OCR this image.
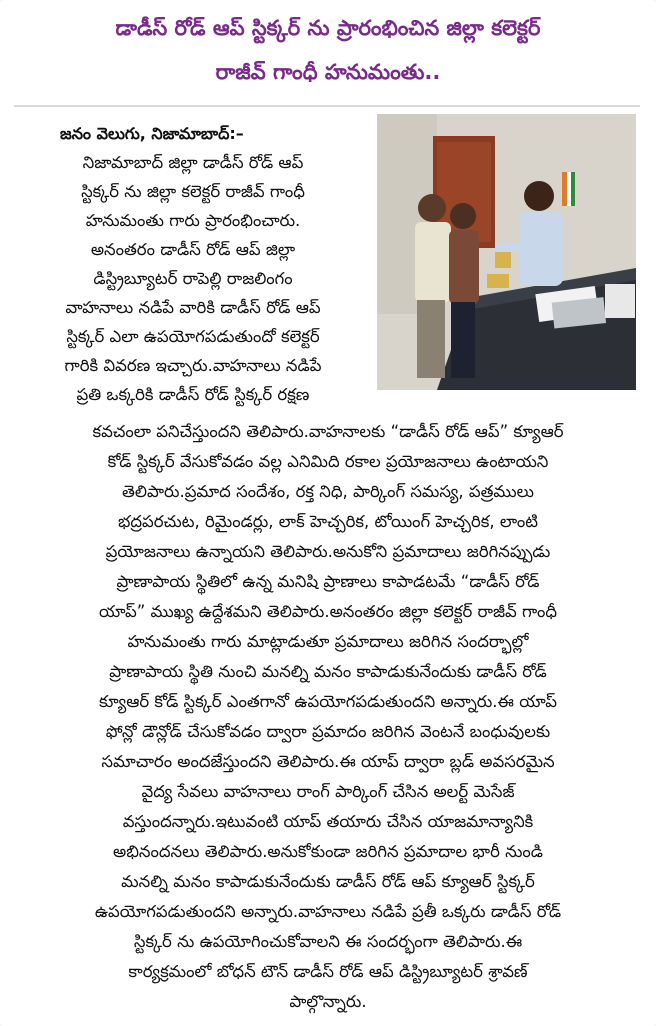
డాడీస్ రోడ్ ఆప్ స్టిక్కర్ ను ప్రారంభించిన జిల్లా కలెక్టర్
రాజీవ్ గాంధీ హనుమంతు..
జనం వెలుగు, నిజామాబాద్:–
నిజామాబాద్ జిల్లా డాడీస్ రోడ్ ఆప్
స్టిక్కర్ ను జిల్లా కలెక్టర్ రాజీవ్ గాంధీ
హనుమంతు గారు ప్రారంభించారు.
అనంతరం డాడీస్ రోడ్ ఆప్ జిల్లా
డిస్ట్రిబ్యూటర్ రాపెల్లి రాజలింగం
వాహనాలు నడిపే వారికి డాడీస్ రోడ్ ఆప్
స్టిక్కర్ ఎలా ఉపయోగపడుతుందో కలెక్టర్
గారికి వివరణ ఇచ్చారు.వాహనాలు నడిపే
ప్రతి ఒక్కరికి డాడీస్ రోడ్ స్టిక్కర్ రక్షణ
కవచంలా పనిచేస్తుందని తెలిపారు.వాహనాలకు “డాడీస్ రోడ్ ఆప్” క్యూఆర్
కోడ్ స్టిక్కర్ వేసుకోవడం వల్ల ఎనిమిది రకాల ప్రయోజనాలు ఉంటాయని
తెలిపారు.ప్రమాద సందేశం, రక్త నిధి, పార్కింగ్ సమస్య, పత్రములు
భద్రపరచుట, రిమైండర్లు, లాక్ హెచ్చరిక, టోయింగ్ హెచ్చరిక, లాంటి
ప్రయోజనాలు ఉన్నాయని తెలిపారు.అనుకోని ప్రమాదాలు జరిగినప్పుడు
ప్రాణాపాయ స్థితిలో ఉన్న మనిషి ప్రాణాలు కాపాడటమే “డాడీస్ రోడ్
యాప్” ముఖ్య ఉద్దేశమని తెలిపారు.అనంతరం జిల్లా కలెక్టర్ రాజీవ్ గాంధీ
హనుమంతు గారు మాట్లాడుతూ ప్రమాదాలు జరిగిన సందర్భాల్లో
ప్రాణాపాయ స్థితి నుంచి మనల్ని మనం కాపాడుకునేందుకు డాడీస్ రోడ్
క్యూఆర్ కోడ్ స్టిక్కర్ ఎంతగానో ఉపయోగపడుతుందని అన్నారు.ఈ యాప్
ఫోన్లో డౌన్లోడ్ చేసుకోవడం ద్వారా ప్రమాదం జరిగిన వెంటనే బంధువులకు
సమాచారం అందజేస్తుందని తెలిపారు.ఈ యాప్ ద్వారా బ్లడ్ అవసరమైన
వైద్య సేవలు వాహనాలు రాంగ్ పార్కింగ్ చేసిన అలర్ట్ మెసేజ్
వస్తుందన్నారు.ఇటువంటి యాప్ తయారు చేసిన యాజమాన్యానికి
అభినందనలు తెలిపారు.అనుకోకుండా జరిగిన ప్రమాదాల భారీ నుండి
మనల్ని మనం కాపాడుకునేందుకు డాడీస్ రోడ్ ఆప్ క్యూఆర్ స్టిక్కర్
ఉపయోగపడుతుందని అన్నారు.వాహనాలు నడిపే ప్రతీ ఒక్కరు డాడీస్ రోడ్
స్టిక్కర్ ను ఉపయోగించుకోవాలని ఈ సందర్భంగా తెలిపారు.ఈ
కార్యక్రమంలో బోధన్ టౌన్ డాడీస్ రోడ్ ఆప్ డిస్ట్రిబ్యూటర్ శ్రావణ్
పాల్గొన్నారు.
